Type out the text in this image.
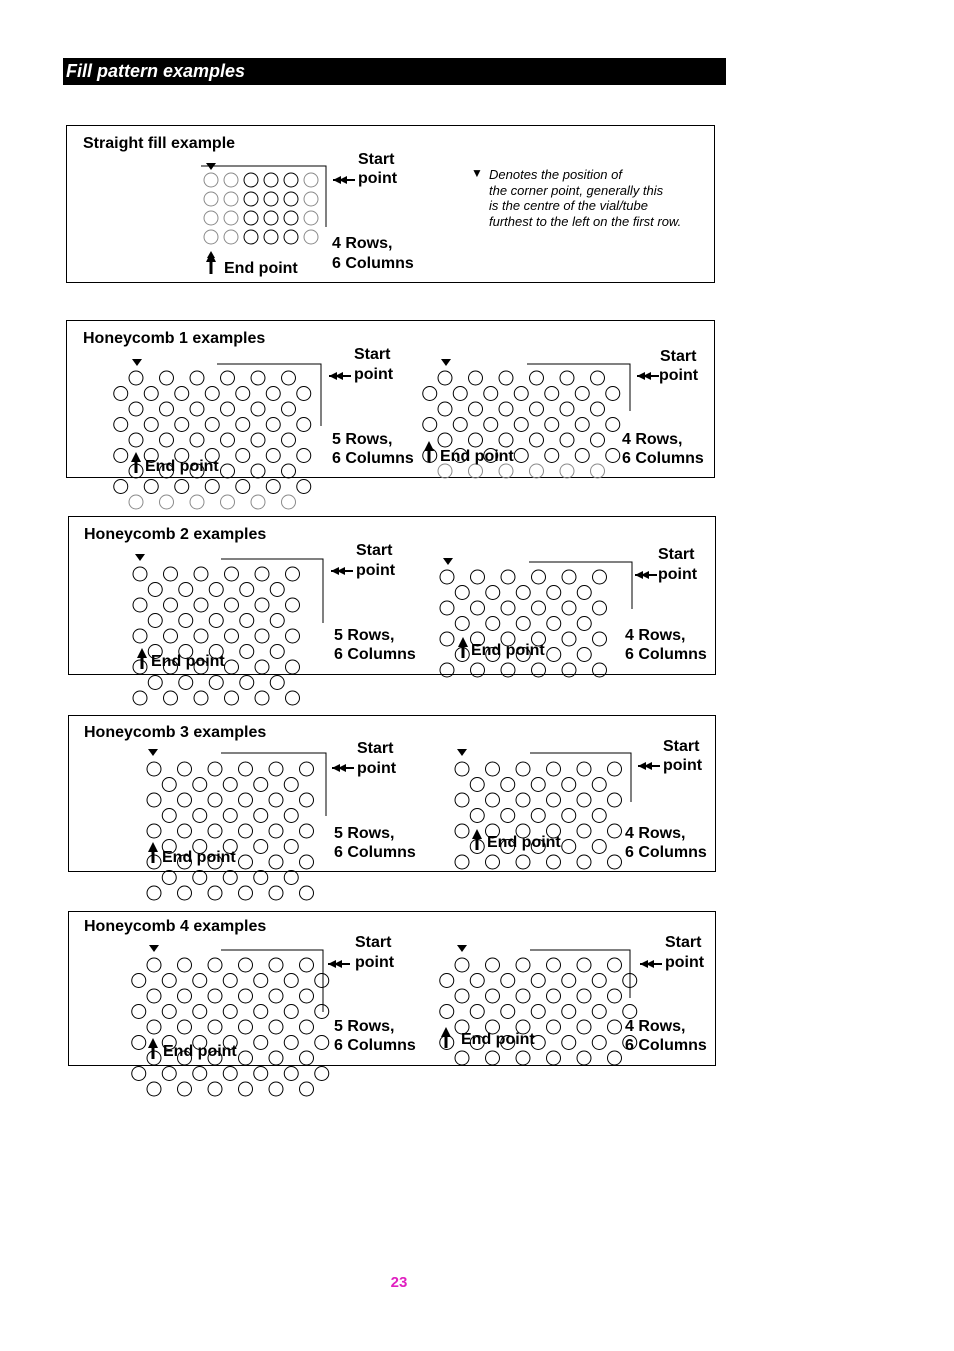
Fill pattern examples
Straight fill example
Start
point
End point
4 Rows,
6 Columns
▼ Denotes the position of
the corner point, generally this
is the centre of the vial/tube
furthest to the left on the first row.
Honeycomb 1 examples
Start
point
End point
5 Rows,
6 Columns
Start
point
End point
4 Rows,
6 Columns
Honeycomb 2 examples
Start
point
End point
5 Rows,
6 Columns
Start
point
End point
4 Rows,
6 Columns
Honeycomb 3 examples
Start
point
End point
5 Rows,
6 Columns
Start
point
End point
4 Rows,
6 Columns
Honeycomb 4 examples
Start
point
End point
5 Rows,
6 Columns
Start
point
End point
4 Rows,
6 Columns
23
